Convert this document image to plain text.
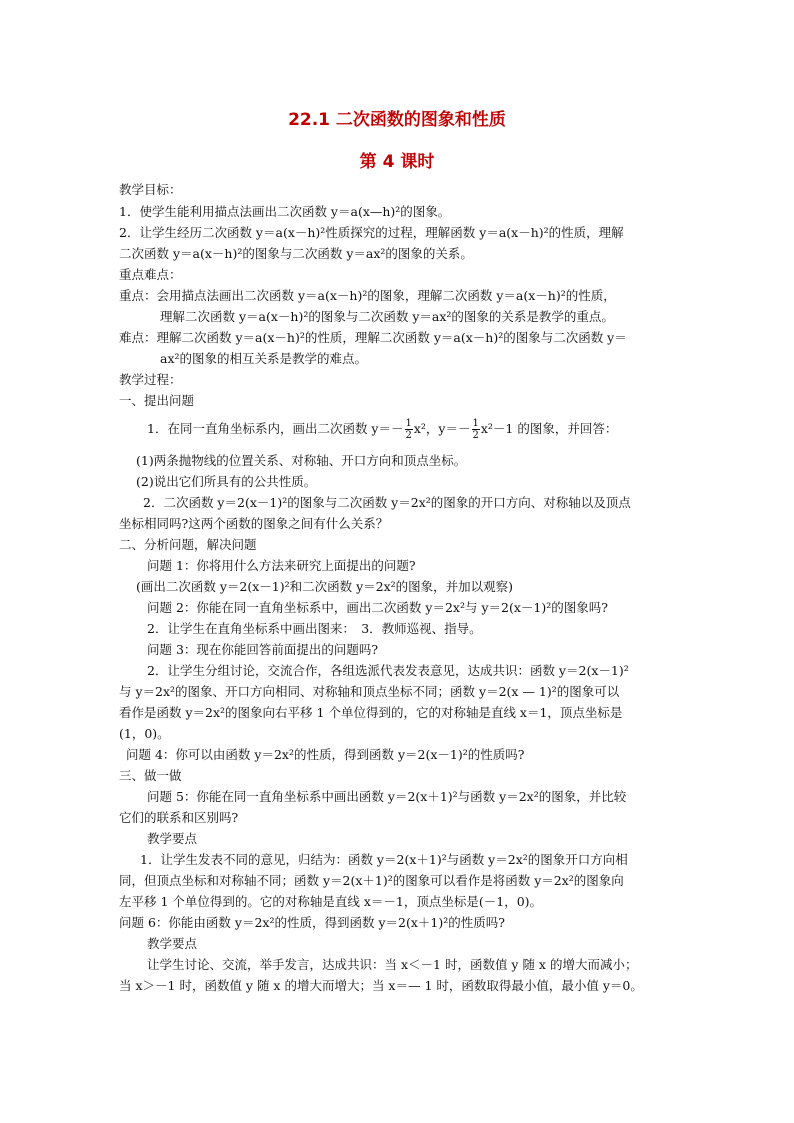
22.1 二次函数的图象和性质
第 4 课时
教学目标：
1．使学生能利用描点法画出二次函数 y＝a(x—h)²的图象。
2．让学生经历二次函数 y＝a(x－h)²性质探究的过程，理解函数 y＝a(x－h)²的性质，理解
二次函数 y＝a(x－h)²的图象与二次函数 y＝ax²的图象的关系。
重点难点：
重点：会用描点法画出二次函数 y＝a(x－h)²的图象，理解二次函数 y＝a(x－h)²的性质，
理解二次函数 y＝a(x－h)²的图象与二次函数 y＝ax²的图象的关系是教学的重点。
难点：理解二次函数 y＝a(x－h)²的性质，理解二次函数 y＝a(x－h)²的图象与二次函数 y＝
ax²的图象的相互关系是教学的难点。
教学过程：
一、提出问题
1．在同一直角坐标系内，画出二次函数 $y=- \frac{1}{2} x^2$，$y=- \frac{1}{2} x^2-1$ 的图象，并回答：
(1)两条抛物线的位置关系、对称轴、开口方向和顶点坐标。
(2)说出它们所具有的公共性质。
2．二次函数 y＝2(x－1)²的图象与二次函数 y＝2x²的图象的开口方向、对称轴以及顶点
坐标相同吗?这两个函数的图象之间有什么关系？
二、分析问题，解决问题
问题 1：你将用什么方法来研究上面提出的问题?
(画出二次函数 y＝2(x－1)²和二次函数 y＝2x²的图象，并加以观察)
问题 2：你能在同一直角坐标系中，画出二次函数 y＝2x²与 y＝2(x－1)²的图象吗?
2．让学生在直角坐标系中画出图来：　3．教师巡视、指导。
问题 3：现在你能回答前面提出的问题吗?
2．让学生分组讨论，交流合作，各组选派代表发表意见，达成共识：函数 y＝2(x－1)²
与 y＝2x²的图象、开口方向相同、对称轴和顶点坐标不同；函数 y＝2(x — 1)²的图象可以
看作是函数 y＝2x²的图象向右平移 1 个单位得到的，它的对称轴是直线 x＝1，顶点坐标是
(1，0)。
问题 4：你可以由函数 y＝2x²的性质，得到函数 y＝2(x－1)²的性质吗?
三、做一做
问题 5：你能在同一直角坐标系中画出函数 y＝2(x＋1)²与函数 y＝2x²的图象，并比较
它们的联系和区别吗?
教学要点
1．让学生发表不同的意见，归结为：函数 y＝2(x＋1)²与函数 y＝2x²的图象开口方向相
同，但顶点坐标和对称轴不同；函数 y＝2(x＋1)²的图象可以看作是将函数 y＝2x²的图象向
左平移 1 个单位得到的。它的对称轴是直线 x＝－1，顶点坐标是(－1，0)。
问题 6：你能由函数 y＝2x²的性质，得到函数 y＝2(x＋1)²的性质吗?
教学要点
让学生讨论、交流，举手发言，达成共识：当 x＜－1 时，函数值 y 随 x 的增大而减小；
当 x＞－1 时，函数值 y 随 x 的增大而增大；当 x＝— 1 时，函数取得最小值，最小值 y＝0。
